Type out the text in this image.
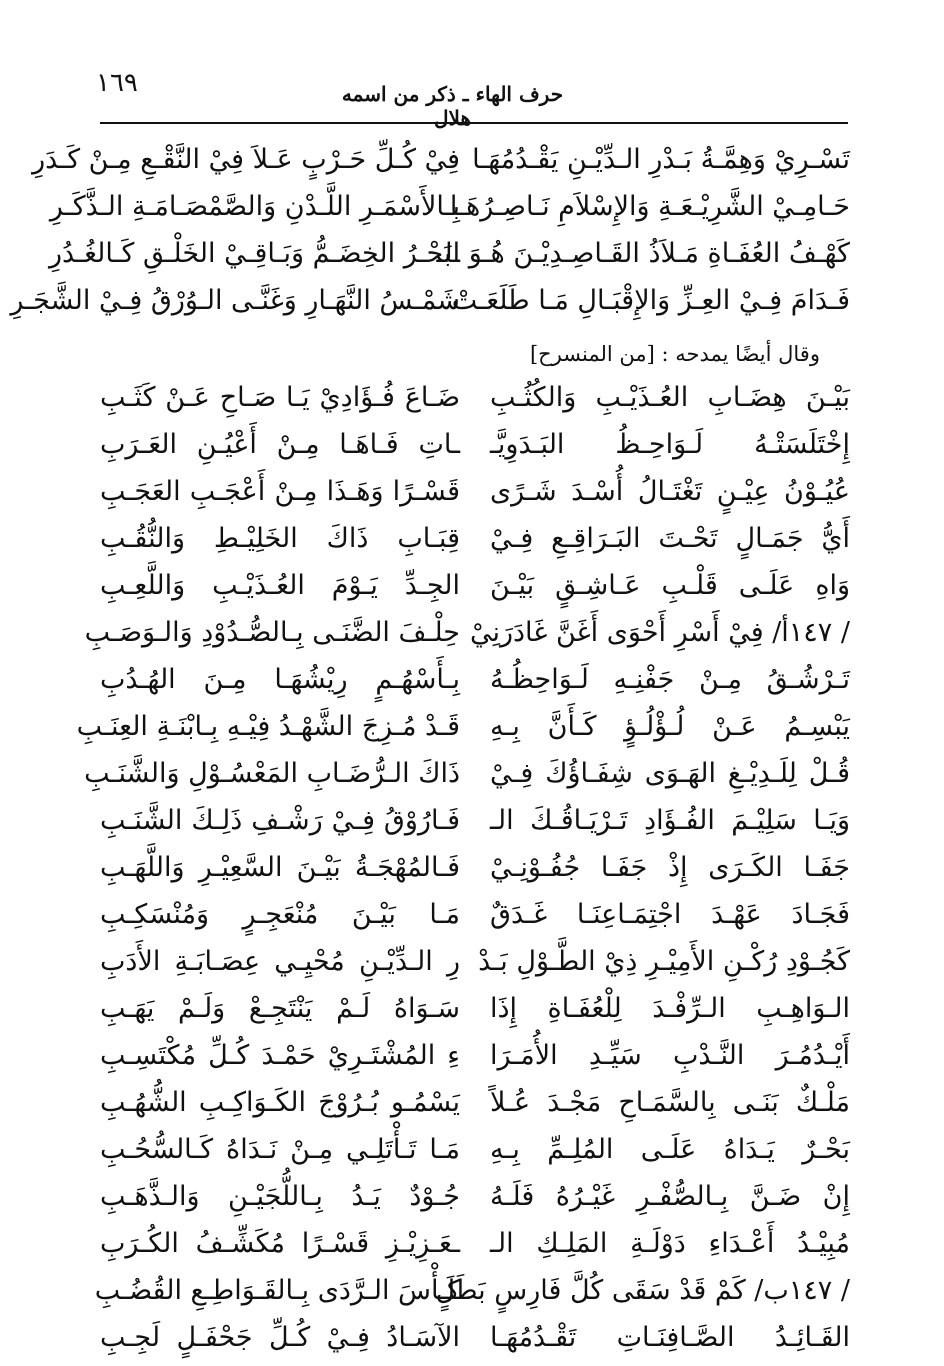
١٦٩	حرف الهاء ـ ذكر من اسمه هلال
تَسْـرِيْ وَهِمَّـةُ بَـدْرِ الـدِّيْـنِ يَقْـدُمُهَـا
حَـامِـيْ الشَّرِيْـعَـةِ وَالإِسْلاَمِ نَـاصِـرُهَـا
كَهْـفُ العُفَـاةِ مَـلاَذُ القَـاصِـدِيْـنَ هُـوَ الـ
فَـدَامَ فِـيْ العِـزِّ وَالإِقْبَـالِ مَـا طَلَعَـتْ
فِيْ كُـلِّ حَـرْبٍ عَـلاَ فِيْ النَّقْـعِ مِـنْ كَـدَرِ
بِـالأَسْمَـرِ اللَّـدْنِ وَالصَّمْصَـامَـةِ الـذَّكَـرِ
ـبَحْـرُ الخِضَـمُّ وَبَـاقِـيْ الخَلْـقِ كَـالغُـدُرِ
شَمْـسُ النَّهَـارِ وَغَنَّـى الـوُرْقُ فِـيْ الشَّجَـرِ
وقال أيضًا يمدحه : [من المنسرح]
بَيْـنَ هِضَـابِ العُـذَيْـبِ وَالكُثُـبِ
إِخْتَلَسَتْـهُ لَـوَاحِـظُ البَـدَوِيَّـ
عُيُـوْنُ عِيْـنٍ تَغْتَـالُ أُسْـدَ شَـرًى
أَيُّ جَمَـالٍ تَحْـتَ البَـرَاقِـعِ فِـيْ
وَاهِ عَلَـى قَلْـبِ عَـاشِـقٍ بَيْـنَ
/ ١٤٧أ/ فِيْ أَسْرِ أَحْوَى أَغَنَّ غَادَرَنِيْ
تَـرْشُـقُ مِـنْ جَفْنِـهِ لَـوَاحِظُـهُ
يَبْسِـمُ عَـنْ لُـؤْلُـؤٍ كَـأَنَّ بِـهِ
قُـلْ لِلَـدِيْـغِ الهَـوَى شِفَـاؤُكَ فِـيْ
وَيَـا سَلِيْـمَ الفُـؤَادِ تَـرْيَـاقُـكَ الـ
جَفَـا الكَـرَى إِذْ جَفَـا جُفُـوْنِـيْ
فَجَـادَ عَهْـدَ اجْتِمَـاعِنَـا غَـدَقٌ
كَجُـوْدِ رُكْـنِ الأَمِيْـرِ ذِيْ الطَّـوْلِ بَـدْ
الـوَاهِـبِ الـرِّفْـدَ لِلْعُفَـاةِ إِذَا
أَيْـدُمُـرَ النَّـدْبِ سَيِّـدِ الأُمَـرَا
مَلْـكٌ بَنَـى بِالسَّمَـاحِ مَجْـدَ عُـلاً
بَحْـرٌ يَـدَاهُ عَلَـى المُلِـمِّ بِـهِ
إِنْ ضَـنَّ بِـالصُّفْـرِ غَيْـرُهُ فَلَـهُ
مُبِيْـدُ أَعْـدَاءِ دَوْلَـةِ المَلِـكِ الـ
/ ١٤٧ب/ كَمْ قَدْ سَقَى كُلَّ فَارِسٍ بَطَلٍ
القَـائِـدُ الصَّـافِنَـاتِ تَقْـدُمُهَـا
ضَـاعَ فُـؤَادِيْ يَـا صَـاحِ عَـنْ كَثَـبِ
ـاتِ فَـاهَـا مِـنْ أَعْيُـنِ العَـرَبِ
قَسْـرًا وَهَـذَا مِـنْ أَعْجَـبِ العَجَـبِ
قِبَـابِ ذَاكَ الخَلِيْـطِ وَالنُّقُـبِ
الجِـدِّ يَـوْمَ العُـذَيْـبِ وَاللَّعِـبِ
حِلْـفَ الضَّنَـى بِـالصُّـدُوْدِ وَالـوَصَـبِ
بِـأَسْهُـمٍ رِيْشُهَـا مِـنَ الهُـدُبِ
قَـدْ مُـزِجَ الشَّهْـدُ فِيْـهِ بِـابْنَـةِ العِنَـبِ
ذَاكَ الـرُّضَـابِ المَعْسُـوْلِ وَالشَّنَـبِ
فَـارُوْقُ فِـيْ رَشْـفِ ذَلِـكَ الشَّنَـبِ
فَـالمُهْجَـةُ بَيْـنَ السَّعِيْـرِ وَاللَّهَـبِ
مَـا بَيْـنَ مُنْعَجِـرٍ وَمُنْسَكِـبِ
رِ الـدِّيْـنِ مُحْيِـي عِصَـابَـةِ الأَدَبِ
سَـوَاهُ لَـمْ يَنْتَجِـعْ وَلَـمْ يَهَـبِ
ءِ المُشْتَـرِيْ حَمْـدَ كُـلِّ مُكْتَسِـبِ
يَسْمُـو بُـرُوْجَ الكَـوَاكِـبِ الشُّهُـبِ
مَـا تَـأْتَلِـي مِـنْ نَـدَاهُ كَـالسُّحُـبِ
جُـوْدٌ يَـدُ بِـاللُّجَيْـنِ وَالـذَّهَـبِ
ـعَـزِيْـزِ قَسْـرًا مُكَشِّـفُ الكُـرَبِ
كَـأْسَ الـرَّدَى بِـالقَـوَاطِـعِ القُضُـبِ
الآسَـادُ فِـيْ كُـلِّ جَحْفَـلٍ لَجِـبِ
